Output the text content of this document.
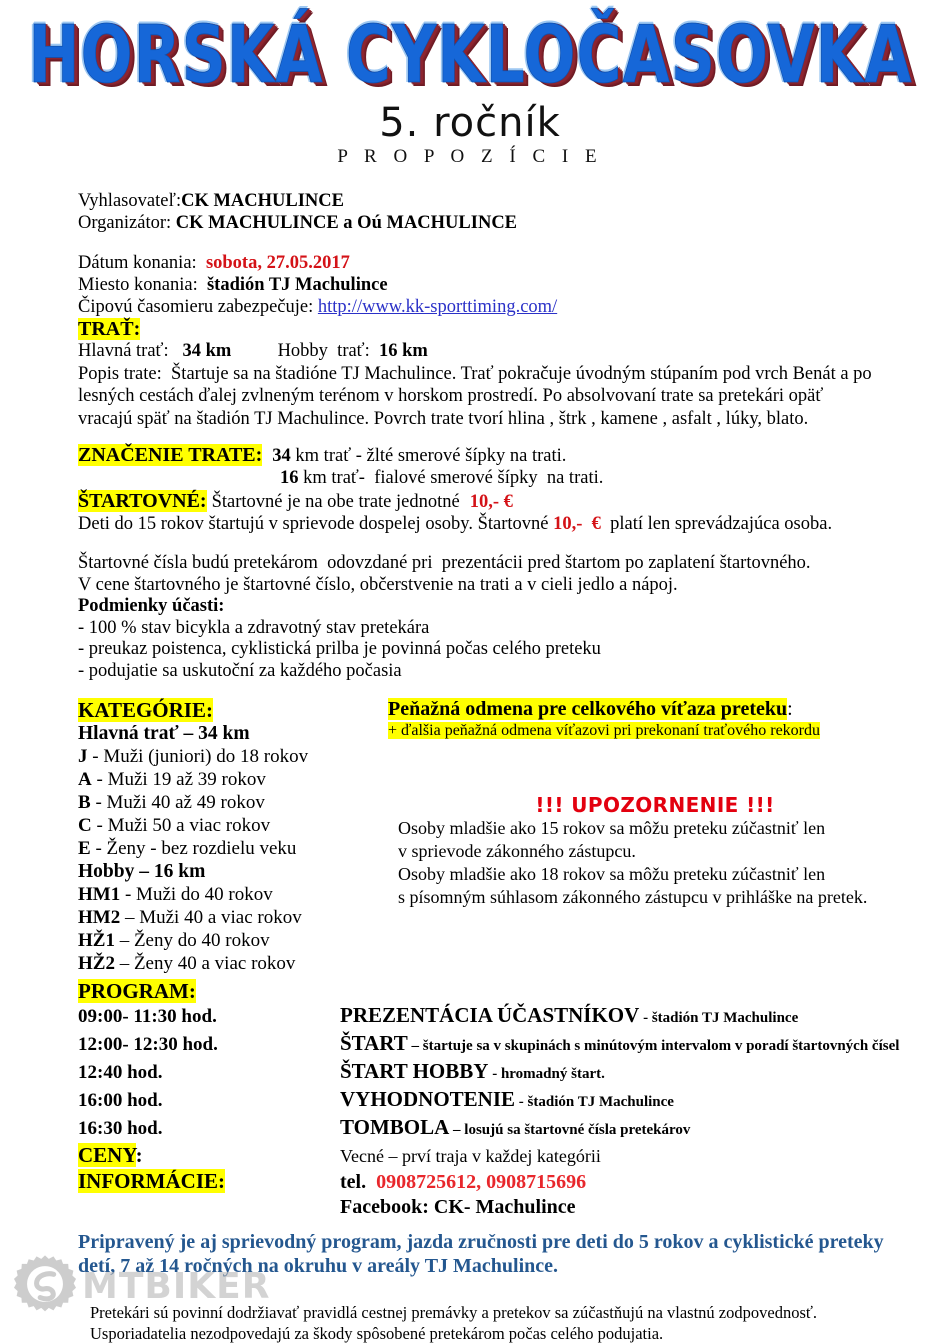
HORSKÁ CYKLOČASOVKA
5. ročník
P R O P O Z Í C I E
Vyhlasovateľ:CK MACHULINCE
Organizátor: CK MACHULINCE a Oú MACHULINCE
Dátum konania: sobota, 27.05.2017
Miesto konania: štadión TJ Machulince
Čipovú časomieru zabezpečuje: http://www.kk-sporttiming.com/
TRAŤ:
Hlavná trať: 34 km	Hobby  trať: 16 km
Popis trate: Štartuje sa na štadióne TJ Machulince. Trať pokračuje úvodným stúpaním pod vrch Benát a po
lesných cestách ďalej zvlneným terénom v horskom prostredí. Po absolvovaní trate sa pretekári opäť
vracajú späť na štadión TJ Machulince. Povrch trate tvorí hlina , štrk , kamene , asfalt , lúky, blato.
ZNAČENIE TRATE: 34 km trať - žlté smerové šípky na trati.
16 km trať-  fialové smerové šípky  na trati.
ŠTARTOVNÉ: Štartovné je na obe trate jednotné 10,- €
Deti do 15 rokov štartujú v sprievode dospelej osoby. Štartovné 10,-  €  platí len sprevádzajúca osoba.
Štartovné čísla budú pretekárom  odovzdané pri  prezentácii pred štartom po zaplatení štartovného.
V cene štartovného je štartovné číslo, občerstvenie na trati a v cieli jedlo a nápoj.
Podmienky účasti:
- 100 % stav bicykla a zdravotný stav pretekára
- preukaz poistenca, cyklistická prilba je povinná počas celého preteku
- podujatie sa uskutoční za každého počasia
KATEGÓRIE:
Hlavná trať – 34 km
J - Muži (juniori) do 18 rokov
A - Muži 19 až 39 rokov
B - Muži 40 až 49 rokov
C - Muži 50 a viac rokov
E - Ženy - bez rozdielu veku
Hobby – 16 km
HM1 - Muži do 40 rokov
HM2 – Muži 40 a viac rokov
HŽ1 – Ženy do 40 rokov
HŽ2 – Ženy 40 a viac rokov
Peňažná odmena pre celkového víťaza preteku:
+ ďalšia peňažná odmena víťazovi pri prekonaní traťového rekordu
!!! UPOZORNENIE !!!
Osoby mladšie ako 15 rokov sa môžu preteku zúčastniť len
v sprievode zákonného zástupcu.
Osoby mladšie ako 18 rokov sa môžu preteku zúčastniť len
s písomným súhlasom zákonného zástupcu v prihláške na pretek.
PROGRAM:
09:00- 11:30 hod.	PREZENTÁCIA ÚČASTNÍKOV - štadión TJ Machulince
12:00- 12:30 hod.	ŠTART – štartuje sa v skupinách s minútovým intervalom v poradí štartovných čísel
12:40 hod.	ŠTART HOBBY - hromadný štart.
16:00 hod.	VYHODNOTENIE - štadión TJ Machulince
16:30 hod.	TOMBOLA – losujú sa štartovné čísla pretekárov
CENY:	Vecné – prví traja v každej kategórii
INFORMÁCIE:	tel. 0908725612, 0908715696
Facebook: CK- Machulince
Pripravený je aj sprievodný program, jazda zručnosti pre deti do 5 rokov a cyklistické preteky
detí, 7 až 14 ročných na okruhu v areály TJ Machulince.
Pretekári sú povinní dodržiavať pravidlá cestnej premávky a pretekov sa zúčastňujú na vlastnú zodpovednosť.
Usporiadatelia nezodpovedajú za škody spôsobené pretekárom počas celého podujatia.
MTBIKER
